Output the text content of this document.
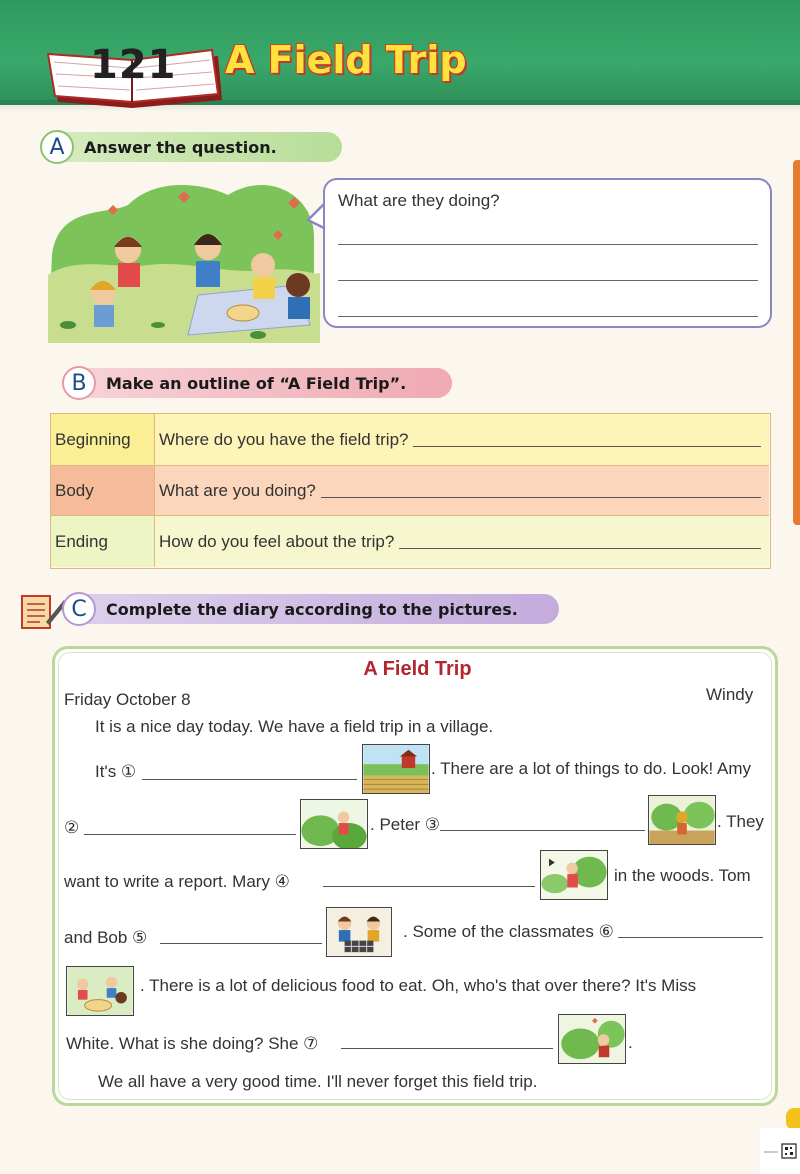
121 A Field Trip
A	Answer the question.
What are they doing?
B	Make an outline of “A Field Trip”.
Beginning	Where do you have the field trip?
Body	What are you doing?
Ending	How do you feel about the trip?
C	Complete the diary according to the pictures.
A Field Trip
Friday October 8	Windy
It is a nice day today. We have a field trip in a village.
It's ①	. There are a lot of things to do. Look! Amy
②	. Peter ③	. They
want to write a report. Mary ④	in the woods. Tom
and Bob ⑤	. Some of the classmates ⑥
. There is a lot of delicious food to eat. Oh, who's that over there? It's Miss
White. What is she doing? She ⑦	.
We all have a very good time. I'll never forget this field trip.
